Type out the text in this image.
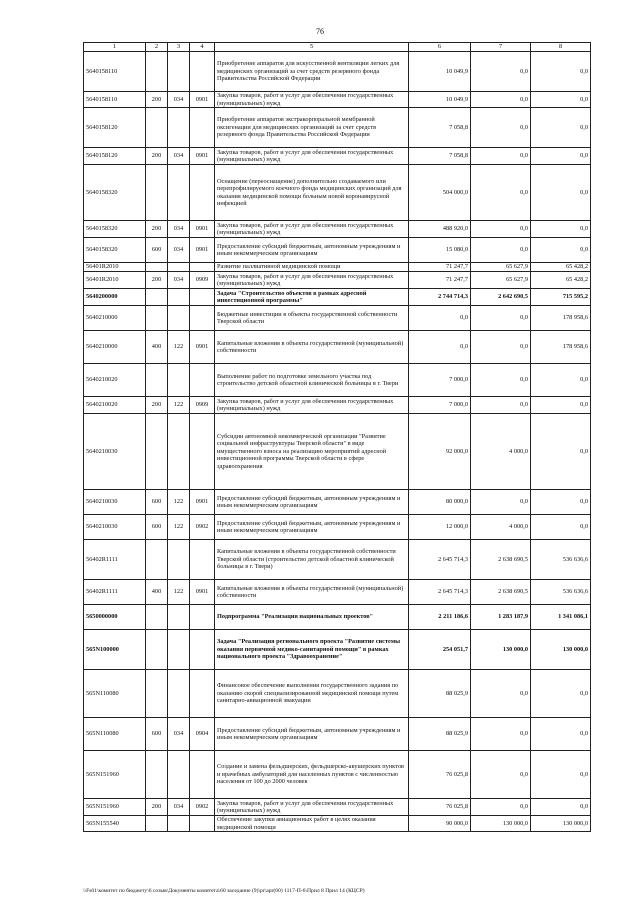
76
1	2	3	4	5	6	7	8
5640158110				Приобретение аппаратов для искусственной вентиляции легких для медицинских организаций за счет средств резервного фонда Правительства Российской Федерации	10 049,9	0,0	0,0
5640158110	200	034	0901	Закупка товаров, работ и услуг для обеспечения государственных (муниципальных) нужд	10 049,9	0,0	0,0
5640158120				Приобретение аппаратов экстракорпоральной мембранной оксигенации для медицинских организаций за счет средств резервного фонда Правительства Российской Федерации	7 058,8	0,0	0,0
5640158120	200	034	0901	Закупка товаров, работ и услуг для обеспечения государственных (муниципальных) нужд	7 058,8	0,0	0,0
5640158320				Оснащение (переоснащение) дополнительно создаваемого или перепрофилируемого коечного фонда медицинских организаций для оказания медицинской помощи больным новой коронавирусной инфекцией	504 000,0	0,0	0,0
5640158320	200	034	0901	Закупка товаров, работ и услуг для обеспечения государственных (муниципальных) нужд	488 920,0	0,0	0,0
5640158320	600	034	0901	Предоставление субсидий бюджетным, автономным учреждениям и иным некоммерческим организациям	15 080,0	0,0	0,0
56401R2010				Развитие паллиативной медицинской помощи	71 247,7	65 627,9	65 428,2
56401R2010	200	034	0909	Закупка товаров, работ и услуг для обеспечения государственных (муниципальных) нужд	71 247,7	65 627,9	65 428,2
5640200000				Задача "Строительство объектов в рамках адресной инвестиционной программы"	2 744 714,3	2 642 690,5	715 595,2
5640210000				Бюджетные инвестиции в объекты государственной собственности Тверской области	0,0	0,0	178 958,6
5640210000	400	122	0901	Капитальные вложения в объекты государственной (муниципальной) собственности	0,0	0,0	178 958,6
5640210020				Выполнение работ по подготовке земельного участка под строительство детской областной клинической больницы в г. Твери	7 000,0	0,0	0,0
5640210020	200	122	0909	Закупка товаров, работ и услуг для обеспечения государственных (муниципальных) нужд	7 000,0	0,0	0,0
5640210030				Субсидии автономной некоммерческой организации "Развитие социальной инфраструктуры Тверской области" в виде имущественного взноса на реализацию мероприятий адресной инвестиционной программы Тверской области в сфере здравоохранения	92 000,0	4 000,0	0,0
5640210030	600	122	0901	Предоставление субсидий бюджетным, автономным учреждениям и иным некоммерческим организациям	80 000,0	0,0	0,0
5640210030	600	122	0902	Предоставление субсидий бюджетным, автономным учреждениям и иным некоммерческим организациям	12 000,0	4 000,0	0,0
56402R1111				Капитальные вложения в объекты государственной собственности Тверской области (строительство детской областной клинической больницы в г. Твери)	2 645 714,3	2 638 690,5	536 636,6
56402R1111	400	122	0901	Капитальные вложения в объекты государственной (муниципальной) собственности	2 645 714,3	2 638 690,5	536 636,6
5650000000				Подпрограмма "Реализация национальных проектов"	2 211 186,6	1 283 187,9	1 341 086,1
565N100000				Задача "Реализация регионального проекта "Развитие системы оказания первичной медико-санитарной помощи" в рамках национального проекта "Здравоохранение"	254 051,7	130 000,0	130 000,0
565N110080				Финансовое обеспечение выполнения государственного задания по оказанию скорой специализированной медицинской помощи путем санитарно-авиационной эвакуации	88 025,9	0,0	0,0
565N110080	600	034	0904	Предоставление субсидий бюджетным, автономным учреждениям и иным некоммерческим организациям	88 025,9	0,0	0,0
565N151960				Создание и замена фельдшерских, фельдшерско-акушерских пунктов и врачебных амбулаторий для населенных пунктов с численностью населения от 100 до 2000 человек	76 025,8	0,0	0,0
565N151960	200	034	0902	Закупка товаров, работ и услуг для обеспечения государственных (муниципальных) нужд	76 025,8	0,0	0,0
565N155540				Обеспечение закупки авиационных работ в целях оказания медицинской помощи	90 000,0	130 000,0	130 000,0
\\Fs01\комитет по бюджету\6 созыв\Документы комитета\60 заседание (9)\pr\apr(60) 1117-П-6\Прил 8 Прил 14 (КЦСР)
